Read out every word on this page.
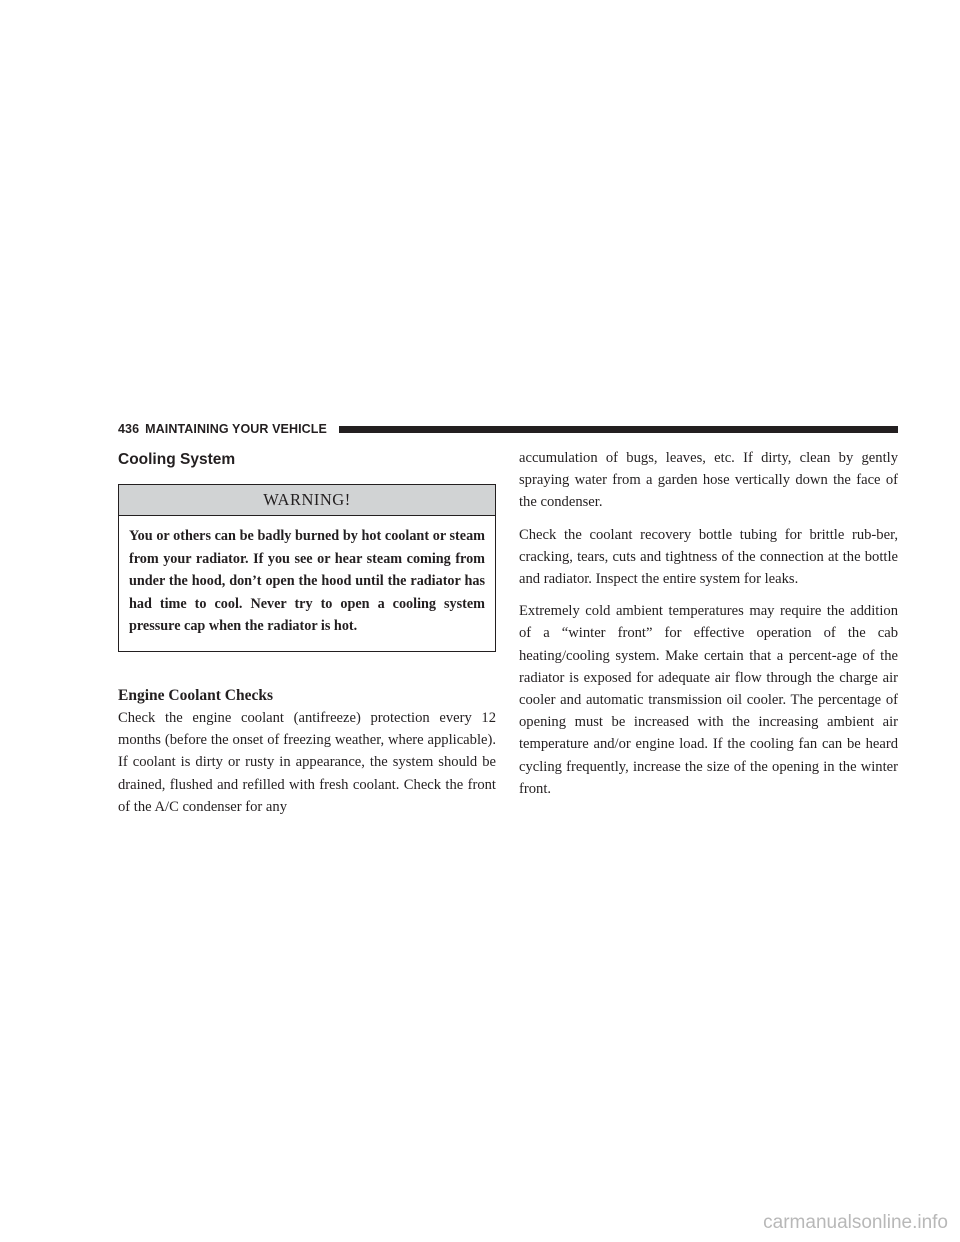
436 MAINTAINING YOUR VEHICLE
Cooling System
WARNING!

You or others can be badly burned by hot coolant or steam from your radiator. If you see or hear steam coming from under the hood, don’t open the hood until the radiator has had time to cool. Never try to open a cooling system pressure cap when the radiator is hot.

Engine Coolant Checks

Check the engine coolant (antifreeze) protection every 12 months (before the onset of freezing weather, where applicable). If coolant is dirty or rusty in appearance, the system should be drained, flushed and refilled with fresh coolant. Check the front of the A/C condenser for any

accumulation of bugs, leaves, etc. If dirty, clean by gently spraying water from a garden hose vertically down the face of the condenser.

Check the coolant recovery bottle tubing for brittle rub-ber, cracking, tears, cuts and tightness of the connection at the bottle and radiator. Inspect the entire system for leaks.

Extremely cold ambient temperatures may require the addition of a “winter front” for effective operation of the cab heating/cooling system. Make certain that a percent-age of the radiator is exposed for adequate air flow through the charge air cooler and automatic transmission oil cooler. The percentage of opening must be increased with the increasing ambient air temperature and/or engine load. If the cooling fan can be heard cycling frequently, increase the size of the opening in the winter front.

carmanualsonline.info
